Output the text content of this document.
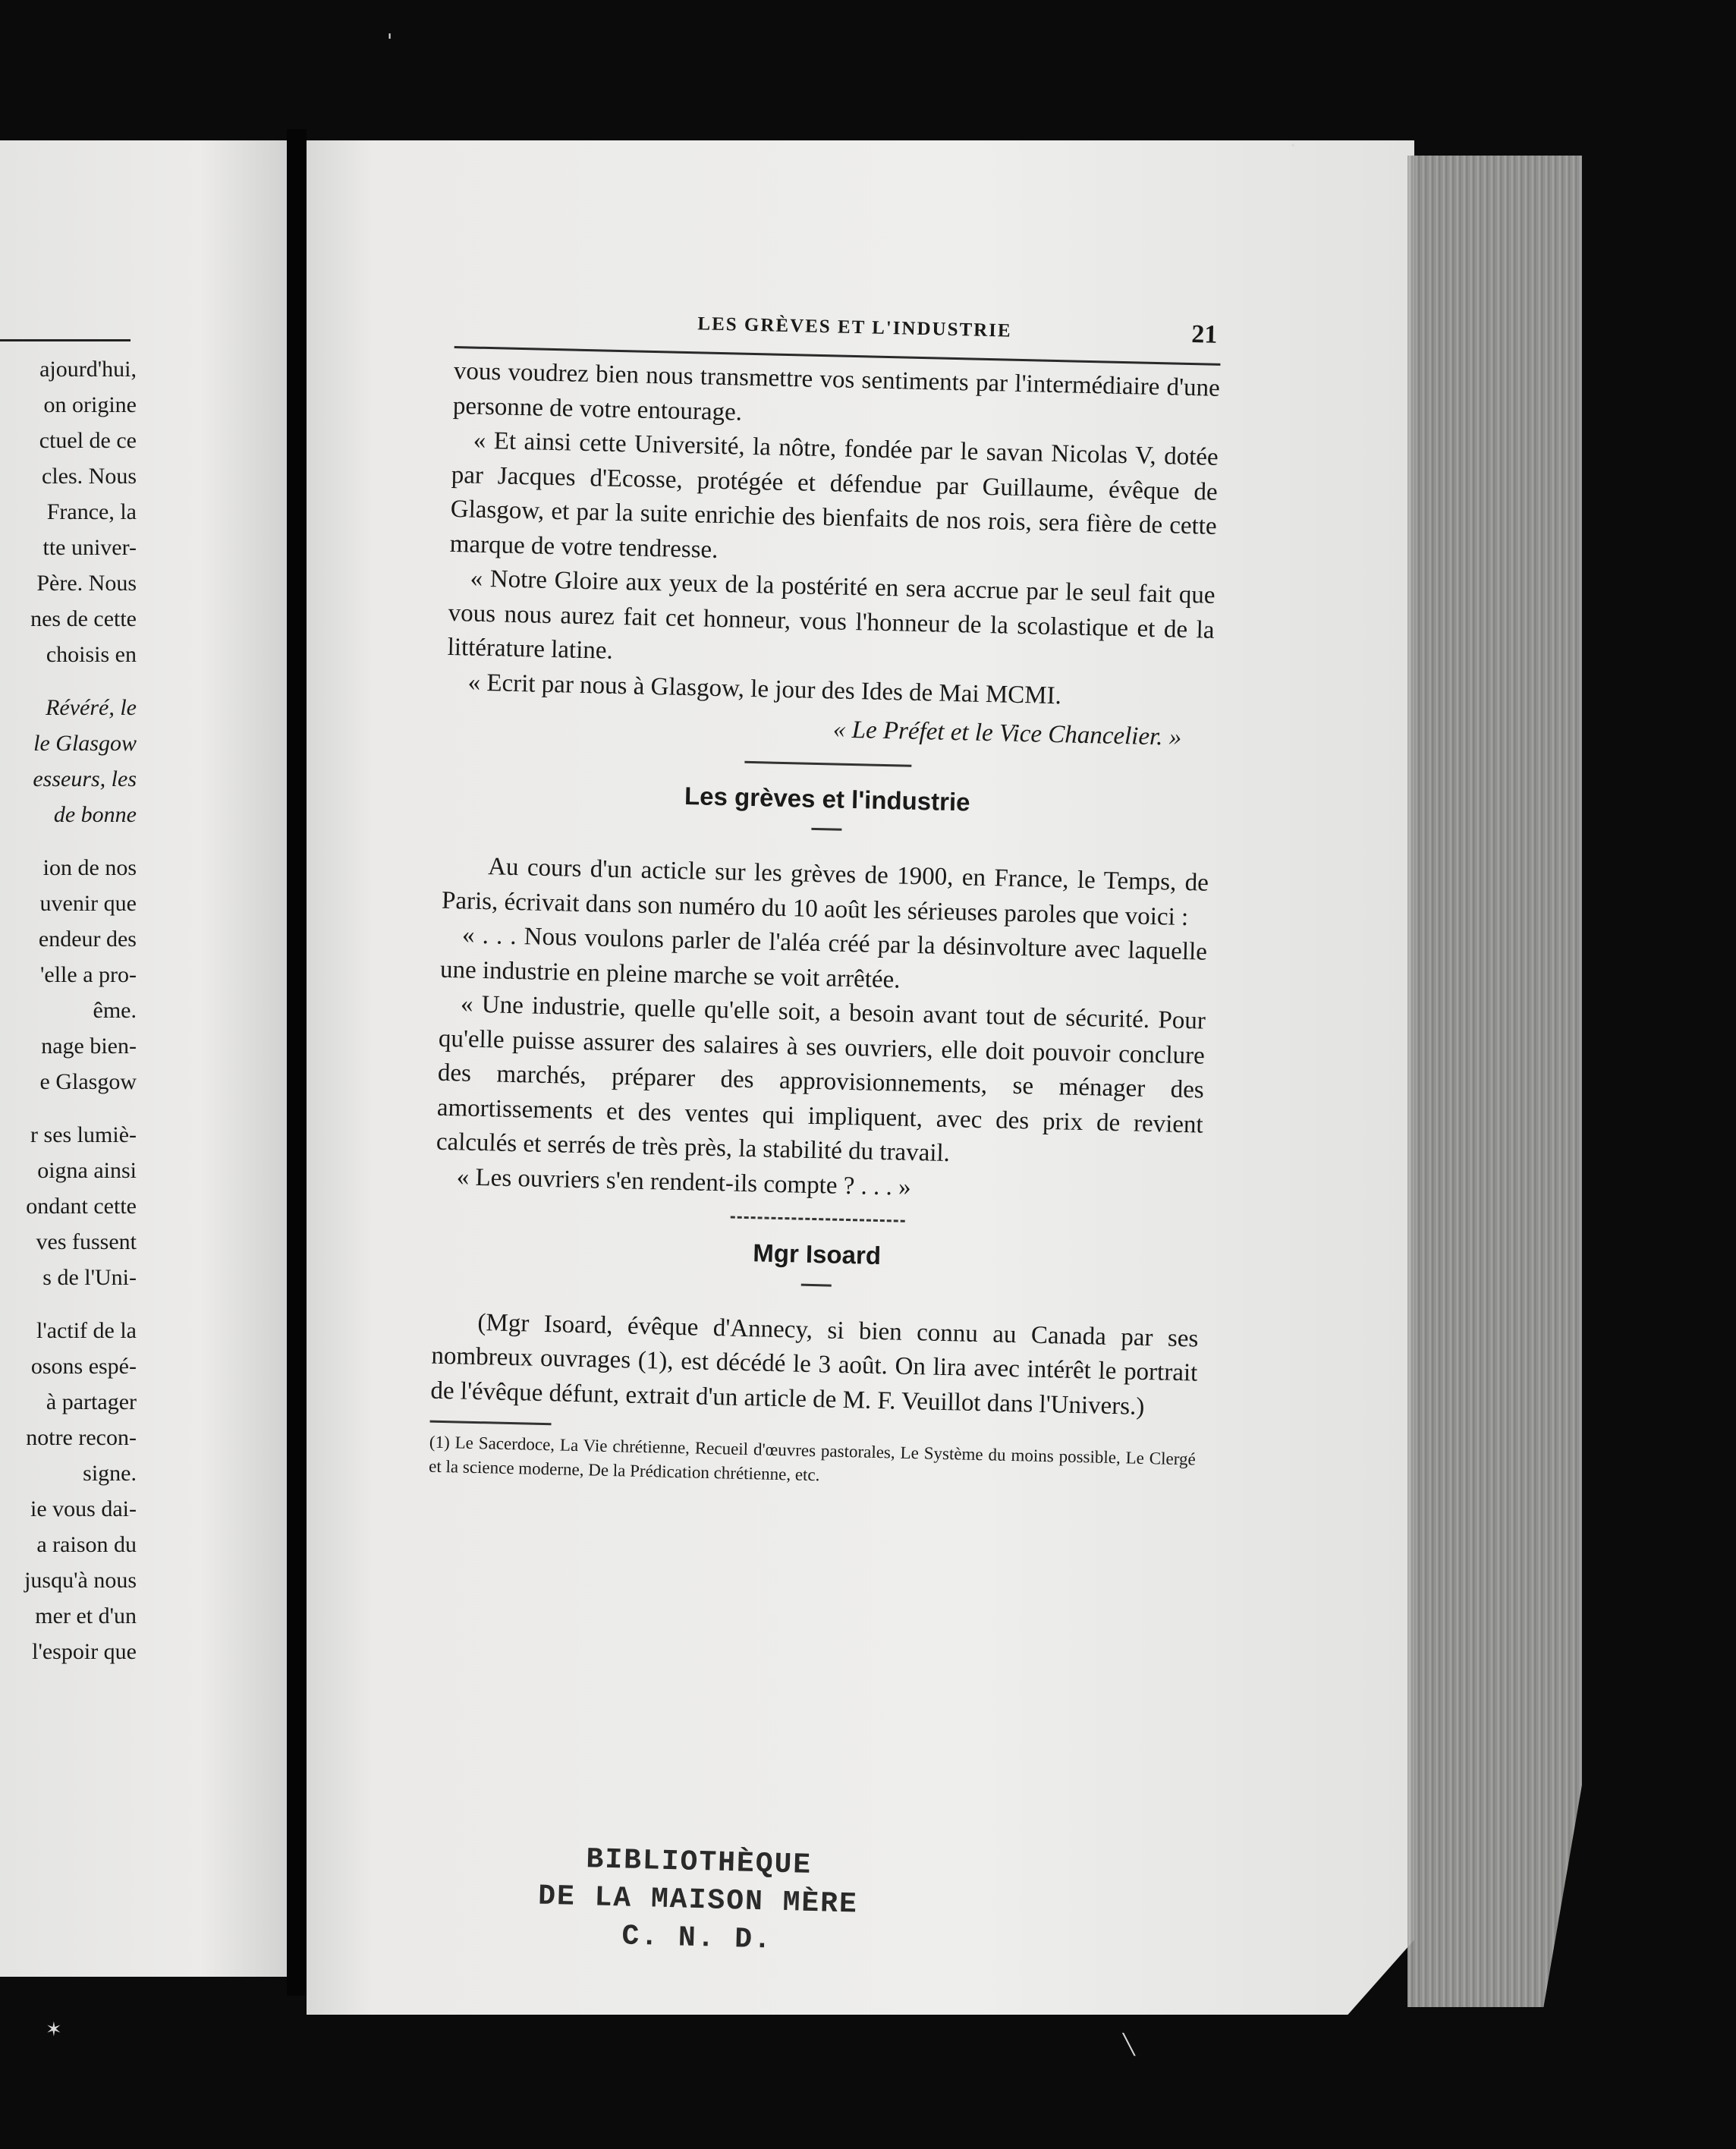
ajourd'hui,
on origine
ctuel de ce
cles. Nous
France, la
tte univer-
Père. Nous
nes de cette
choisis en
Révéré, le
le Glasgow
esseurs, les
de bonne
ion de nos
uvenir que
endeur des
'elle a pro-
ême.
nage bien-
e Glasgow
r ses lumiè-
oigna ainsi
ondant cette
ves fussent
s de l'Uni-
l'actif de la
osons espé-
à partager
notre recon-
signe.
ie vous dai-
a raison du
jusqu'à nous
mer et d'un
l'espoir que
LES GRÈVES ET L'INDUSTRIE	21

vous voudrez bien nous transmettre vos sentiments par l'intermédiaire d'une personne de votre entourage.

« Et ainsi cette Université, la nôtre, fondée par le savan Nicolas V, dotée par Jacques d'Ecosse, protégée et défendue par Guillaume, évêque de Glasgow, et par la suite enrichie des bienfaits de nos rois, sera fière de cette marque de votre tendresse.

« Notre Gloire aux yeux de la postérité en sera accrue par le seul fait que vous nous aurez fait cet honneur, vous l'honneur de la scolastique et de la littérature latine.

« Ecrit par nous à Glasgow, le jour des Ides de Mai MCMI.

« Le Préfet et le Vice Chancelier. »

Les grèves et l'industrie

Au cours d'un acticle sur les grèves de 1900, en France, le Temps, de Paris, écrivait dans son numéro du 10 août les sérieuses paroles que voici :

« . . . Nous voulons parler de l'aléa créé par la désinvolture avec laquelle une industrie en pleine marche se voit arrêtée.

« Une industrie, quelle qu'elle soit, a besoin avant tout de sécurité. Pour qu'elle puisse assurer des salaires à ses ouvriers, elle doit pouvoir conclure des marchés, préparer des approvisionnements, se ménager des amortissements et des ventes qui impliquent, avec des prix de revient calculés et serrés de très près, la stabilité du travail.

« Les ouvriers s'en rendent-ils compte ? . . . »

Mgr Isoard

(Mgr Isoard, évêque d'Annecy, si bien connu au Canada par ses nombreux ouvrages (1), est décédé le 3 août. On lira avec intérêt le portrait de l'évêque défunt, extrait d'un article de M. F. Veuillot dans l'Univers.)

(1) Le Sacerdoce, La Vie chrétienne, Recueil d'œuvres pastorales, Le Système du moins possible, Le Clergé et la science moderne, De la Prédication chrétienne, etc.

BIBLIOTHÈQUE
DE LA MAISON MÈRE
C. N. D.
'
.
✶
╲
